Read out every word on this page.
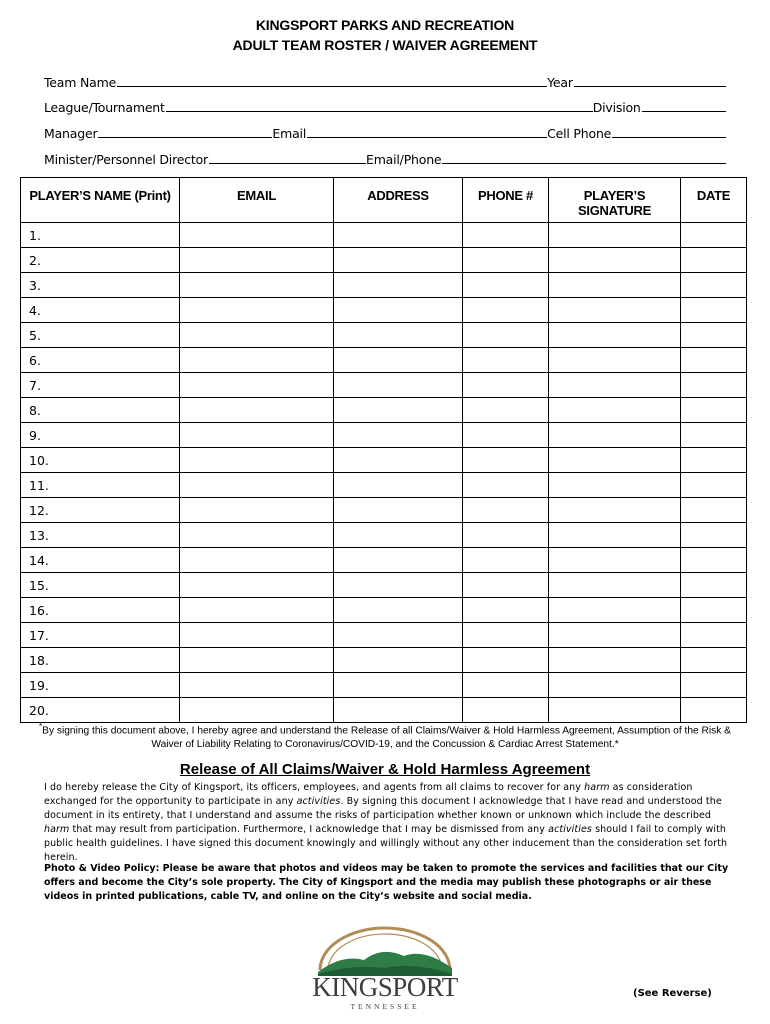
KINGSPORT PARKS AND RECREATION
ADULT TEAM ROSTER / WAIVER AGREEMENT
Team Name	Year
League/Tournament	Division
Manager	Email	Cell Phone
Minister/Personnel Director	Email/Phone
PLAYER’S NAME (Print)	EMAIL	ADDRESS	PHONE #	PLAYER’S SIGNATURE	DATE
1.					
2.					
3.					
4.					
5.					
6.					
7.					
8.					
9.					
10.					
11.					
12.					
13.					
14.					
15.					
16.					
17.					
18.					
19.					
20.					
*By signing this document above, I hereby agree and understand the Release of all Claims/Waiver & Hold Harmless Agreement, Assumption of the Risk & Waiver of Liability Relating to Coronavirus/COVID-19, and the Concussion & Cardiac Arrest Statement.*
Release of All Claims/Waiver & Hold Harmless Agreement
I do hereby release the City of Kingsport, its officers, employees, and agents from all claims to recover for any harm as consideration exchanged for the opportunity to participate in any activities. By signing this document I acknowledge that I have read and understood the document in its entirety, that I understand and assume the risks of participation whether known or unknown which include the described harm that may result from participation. Furthermore, I acknowledge that I may be dismissed from any activities should I fail to comply with public health guidelines. I have signed this document knowingly and willingly without any other inducement than the consideration set forth herein.
Photo & Video Policy: Please be aware that photos and videos may be taken to promote the services and facilities that our City offers and become the City’s sole property. The City of Kingsport and the media may publish these photographs or air these videos in printed publications, cable TV, and online on the City’s website and social media.
KINGSPORT
TENNESSEE
(See Reverse)
